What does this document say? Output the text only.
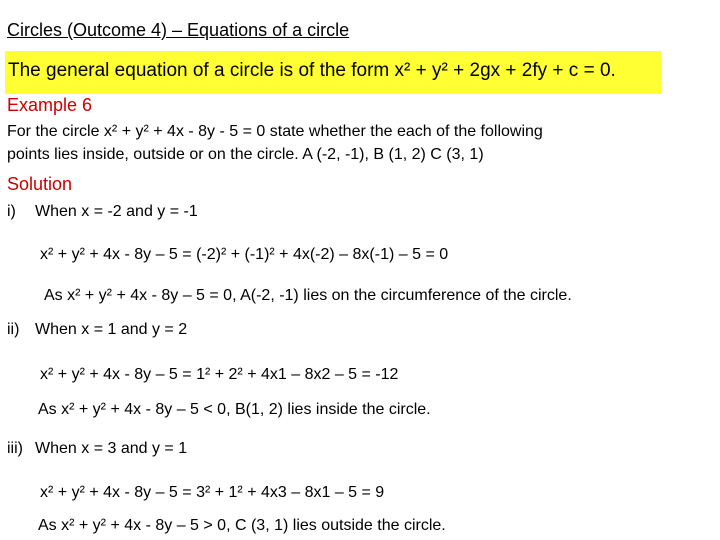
Circles (Outcome 4) – Equations of a circle
The general equation of a circle is of the form x² + y² + 2gx + 2fy + c = 0.
Example 6
For the circle x² + y² + 4x - 8y - 5 = 0 state whether the each of the following
points lies inside, outside or on the circle. A (-2, -1), B (1, 2) C (3, 1)
Solution
i) When x = -2 and y = -1
x² + y² + 4x - 8y – 5 = (-2)² + (-1)² + 4x(-2) – 8x(-1) – 5 = 0
As x² + y² + 4x - 8y – 5 = 0, A(-2, -1) lies on the circumference of the circle.
ii) When x = 1 and y = 2
x² + y² + 4x - 8y – 5 = 1² + 2² + 4x1 – 8x2 – 5 = -12
As x² + y² + 4x - 8y – 5 < 0, B(1, 2) lies inside the circle.
iii) When x = 3 and y = 1
x² + y² + 4x - 8y – 5 = 3² + 1² + 4x3 – 8x1 – 5 = 9
As x² + y² + 4x - 8y – 5 > 0, C (3, 1) lies outside the circle.
